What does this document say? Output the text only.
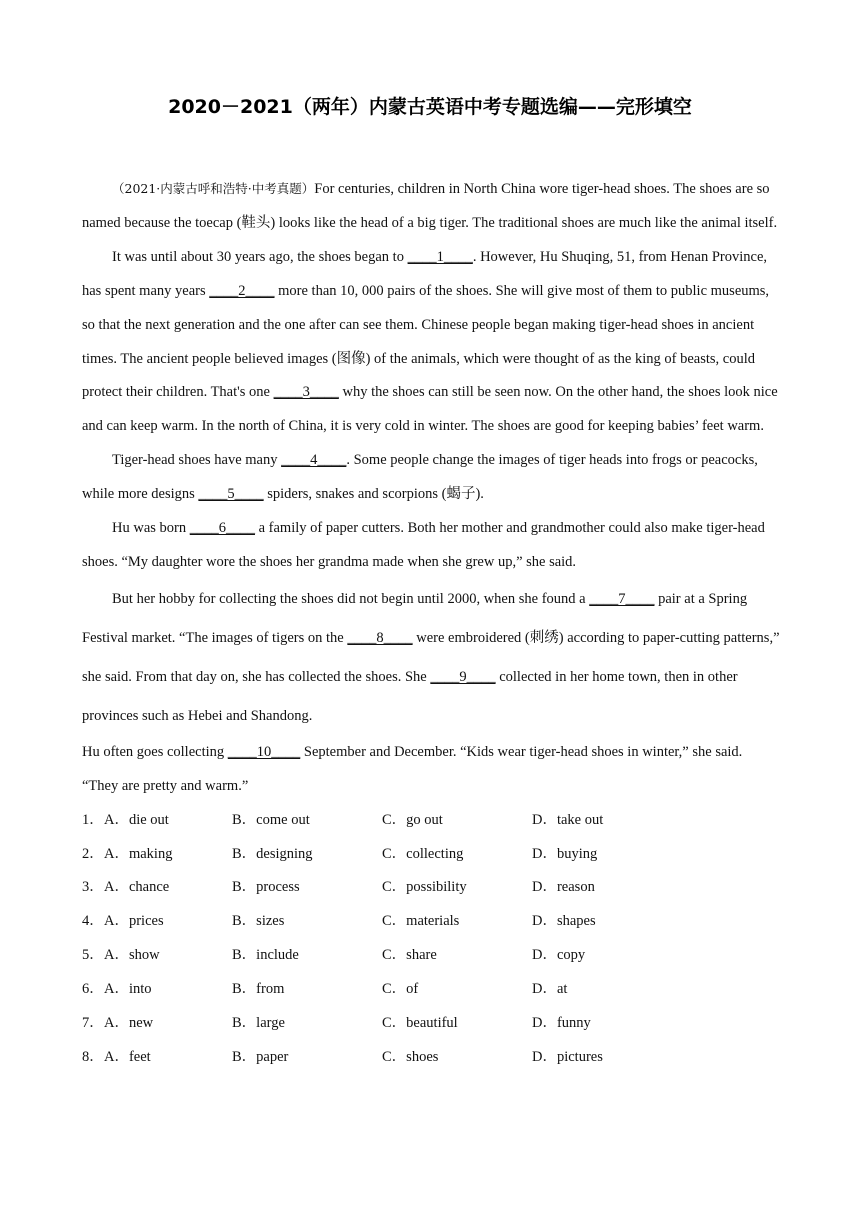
2020－2021（两年）内蒙古英语中考专题选编——完形填空

（2021·内蒙古呼和浩特·中考真题）For centuries, children in North China wore tiger-head shoes. The shoes are so named because the toecap (鞋头) looks like the head of a big tiger. The traditional shoes are much like the animal itself.

It was until about 30 years ago, the shoes began to ____1____. However, Hu Shuqing, 51, from Henan Province, has spent many years ____2____ more than 10, 000 pairs of the shoes. She will give most of them to public museums, so that the next generation and the one after can see them. Chinese people began making tiger-head shoes in ancient times. The ancient people believed images (图像) of the animals, which were thought of as the king of beasts, could protect their children. That's one ____3____ why the shoes can still be seen now. On the other hand, the shoes look nice and can keep warm. In the north of China, it is very cold in winter. The shoes are good for keeping babies’ feet warm.

Tiger-head shoes have many ____4____. Some people change the images of tiger heads into frogs or peacocks, while more designs ____5____ spiders, snakes and scorpions (蝎子).

Hu was born ____6____ a family of paper cutters. Both her mother and grandmother could also make tiger-head shoes. “My daughter wore the shoes her grandma made when she grew up,” she said.

But her hobby for collecting the shoes did not begin until 2000, when she found a ____7____ pair at a Spring Festival market. “The images of tigers on the ____8____ were embroidered (刺绣) according to paper-cutting patterns,” she said. From that day on, she has collected the shoes. She ____9____ collected in her home town, then in other provinces such as Hebei and Shandong.

Hu often goes collecting ____10____ September and December. “Kids wear tiger-head shoes in winter,” she said. “They are pretty and warm.”

1． A．die out	B．come out	C．go out	D．take out
2． A．making	B．designing	C．collecting	D．buying
3． A．chance	B．process	C．possibility	D．reason
4． A．prices	B．sizes	C．materials	D．shapes
5． A．show	B．include	C．share	D．copy
6． A．into	B．from	C．of	D．at
7． A．new	B．large	C．beautiful	D．funny
8． A．feet	B．paper	C．shoes	D．pictures
